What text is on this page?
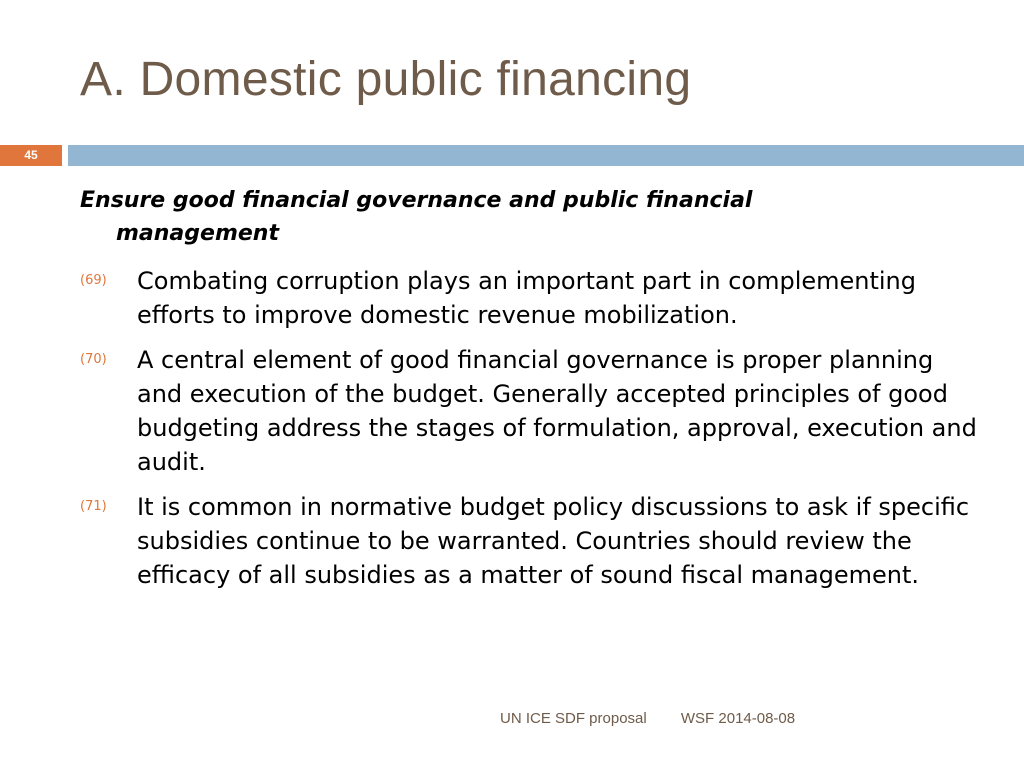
A. Domestic public financing
45

Ensure good financial governance and public financial management

(69) Combating corruption plays an important part in complementing efforts to improve domestic revenue mobilization.
(70) A central element of good financial governance is proper planning and execution of the budget. Generally accepted principles of good budgeting address the stages of formulation, approval, execution and audit.
(71) It is common in normative budget policy discussions to ask if specific subsidies continue to be warranted. Countries should review the efficacy of all subsidies as a matter of sound fiscal management.
UN ICE SDF proposal WSF 2014-08-08
